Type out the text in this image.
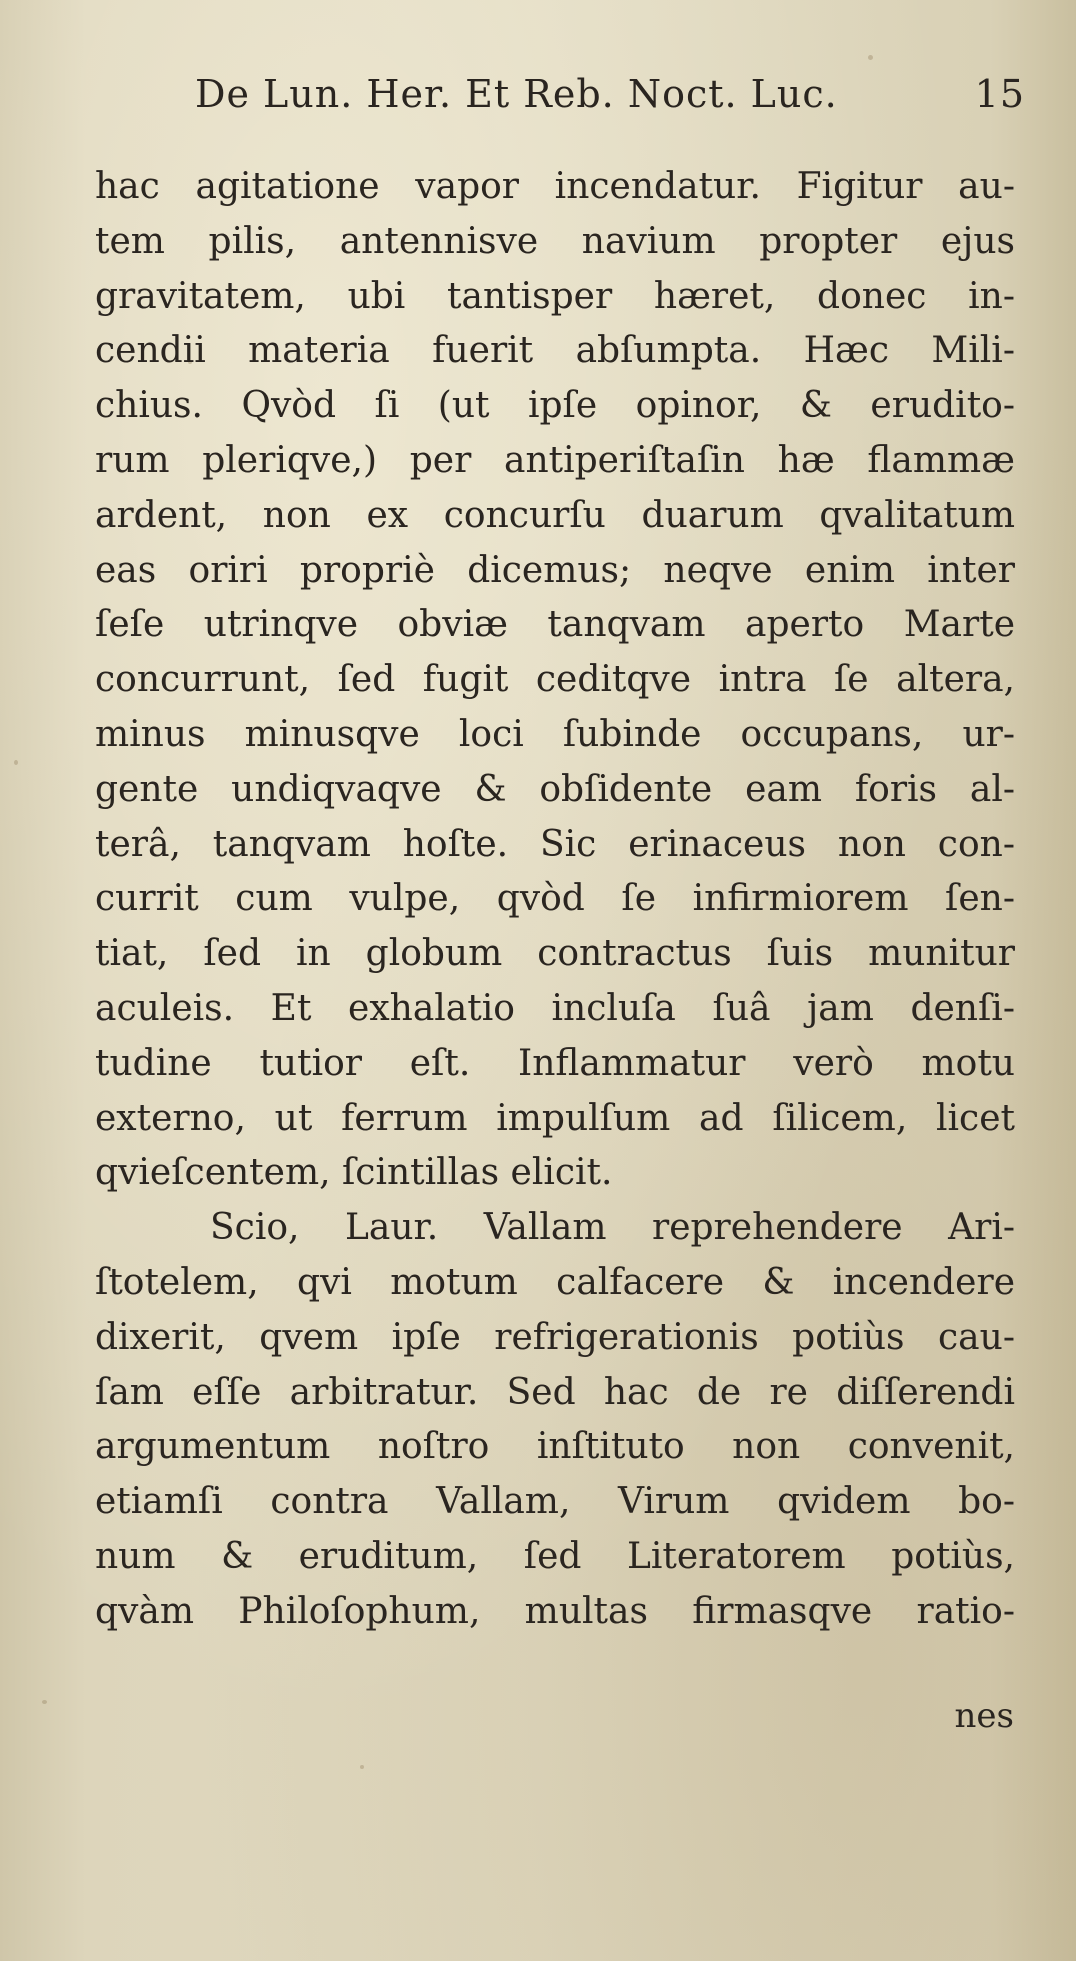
De Lun. Her. Et Reb. Noct. Luc.	15
hac agitatione vapor incendatur. Figitur au-
tem pilis, antennisve navium propter ejus
gravitatem, ubi tantisper hæret, donec in-
cendii materia fuerit abſumpta. Hæc Mili-
chius. Qvòd ſi (ut ipſe opinor, & erudito-
rum pleriqve,) per antiperiſtaſin hæ flammæ
ardent, non ex concurſu duarum qvalitatum
eas oriri propriè dicemus; neqve enim inter
ſeſe utrinqve obviæ tanqvam aperto Marte
concurrunt, ſed fugit ceditqve intra ſe altera,
minus minusqve loci ſubinde occupans, ur-
gente undiqvaqve & obſidente eam foris al-
terâ, tanqvam hoſte. Sic erinaceus non con-
currit cum vulpe, qvòd ſe infirmiorem ſen-
tiat, ſed in globum contractus ſuis munitur
aculeis. Et exhalatio incluſa ſuâ jam denſi-
tudine tutior eſt. Inflammatur verò motu
externo, ut ferrum impulſum ad ſilicem, licet
qvieſcentem, ſcintillas elicit.
Scio, Laur. Vallam reprehendere Ari-
ſtotelem, qvi motum calfacere & incendere
dixerit, qvem ipſe refrigerationis potiùs cau-
ſam eſſe arbitratur. Sed hac de re diſſerendi
argumentum noſtro inſtituto non convenit,
etiamſi contra Vallam, Virum qvidem bo-
num & eruditum, ſed Literatorem potiùs,
qvàm Philoſophum, multas firmasqve ratio-
nes
